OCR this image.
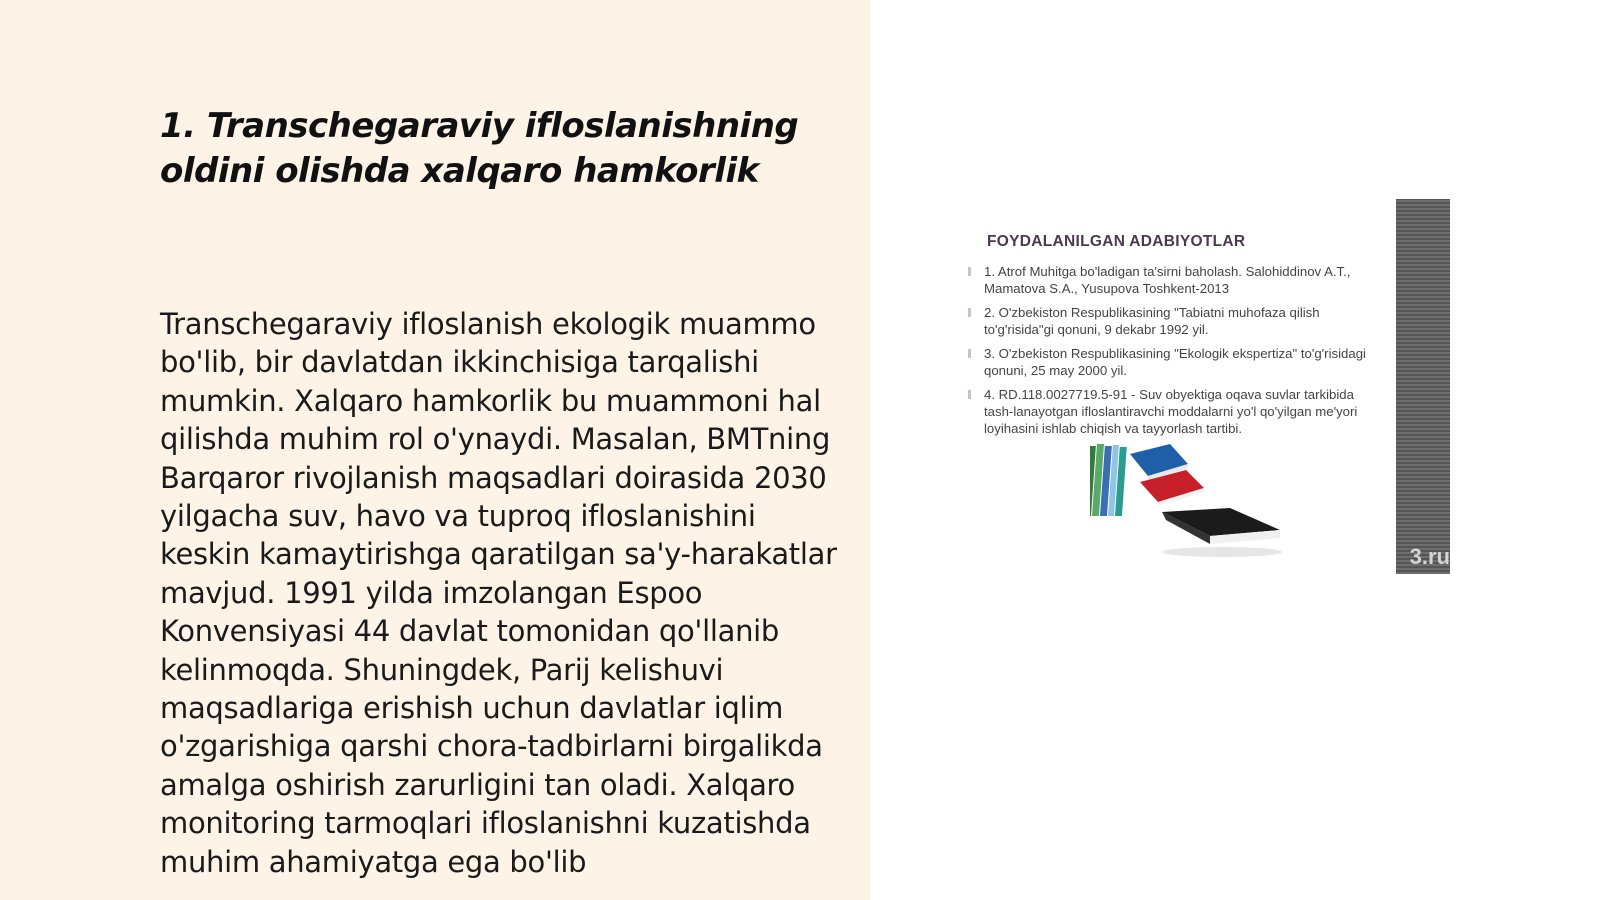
1. Transchegaraviy ifloslanishning oldini olishda xalqaro hamkorlik

Transchegaraviy ifloslanish ekologik muammo bo'lib, bir davlatdan ikkinchisiga tarqalishi mumkin. Xalqaro hamkorlik bu muammoni hal qilishda muhim rol o'ynaydi. Masalan, BMTning Barqaror rivojlanish maqsadlari doirasida 2030 yilgacha suv, havo va tuproq ifloslanishini keskin kamaytirishga qaratilgan sa'y-harakatlar mavjud. 1991 yilda imzolangan Espoo Konvensiyasi 44 davlat tomonidan qo'llanib kelinmoqda. Shuningdek, Parij kelishuvi maqsadlariga erishish uchun davlatlar iqlim o'zgarishiga qarshi chora-tadbirlarni birgalikda amalga oshirish zarurligini tan oladi. Xalqaro monitoring tarmoqlari ifloslanishni kuzatishda muhim ahamiyatga ega bo'lib

FOYDALANILGAN ADABIYOTLAR
1. Atrof Muhitga bo'ladigan ta'sirni baholash. Salohiddinov A.T., Mamatova S.A., Yusupova Toshkent-2013
2. O'zbekiston Respublikasining "Tabiatni muhofaza qilish to'g'risida"gi qonuni, 9 dekabr 1992 yil.
3. O'zbekiston Respublikasining "Ekologik ekspertiza" to'g'risidagi qonuni, 25 may 2000 yil.
4. RD.118.0027719.5-91 - Suv obyektiga oqava suvlar tarkibida tash-lanayotgan ifloslantiravchi moddalarni yo'l qo'yilgan me'yori loyihasini ishlab chiqish va tayyorlash tartibi.
3.ru
